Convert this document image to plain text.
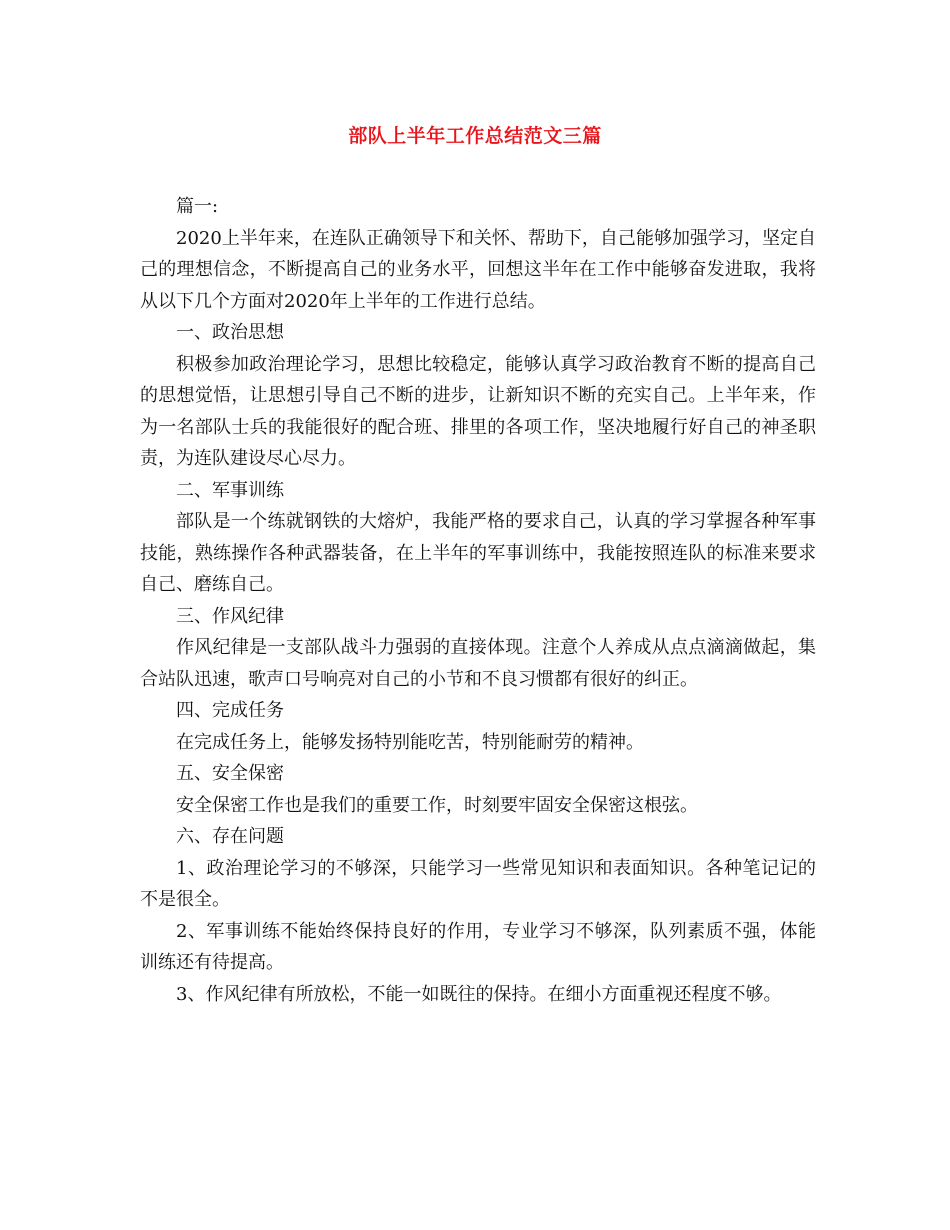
部队上半年工作总结范文三篇

篇一:

2020上半年来，在连队正确领导下和关怀、帮助下，自己能够加强学习，坚定自己的理想信念，不断提高自己的业务水平，回想这半年在工作中能够奋发进取，我将从以下几个方面对2020年上半年的工作进行总结。

一、政治思想

积极参加政治理论学习，思想比较稳定，能够认真学习政治教育不断的提高自己的思想觉悟，让思想引导自己不断的进步，让新知识不断的充实自己。上半年来，作为一名部队士兵的我能很好的配合班、排里的各项工作，坚决地履行好自己的神圣职责，为连队建设尽心尽力。

二、军事训练

部队是一个练就钢铁的大熔炉，我能严格的要求自己，认真的学习掌握各种军事技能，熟练操作各种武器装备，在上半年的军事训练中，我能按照连队的标准来要求自己、磨练自己。

三、作风纪律

作风纪律是一支部队战斗力强弱的直接体现。注意个人养成从点点滴滴做起，集合站队迅速，歌声口号响亮对自己的小节和不良习惯都有很好的纠正。

四、完成任务

在完成任务上，能够发扬特别能吃苦，特别能耐劳的精神。

五、安全保密

安全保密工作也是我们的重要工作，时刻要牢固安全保密这根弦。

六、存在问题

1、政治理论学习的不够深，只能学习一些常见知识和表面知识。各种笔记记的不是很全。

2、军事训练不能始终保持良好的作用，专业学习不够深，队列素质不强，体能训练还有待提高。

3、作风纪律有所放松，不能一如既往的保持。在细小方面重视还程度不够。
